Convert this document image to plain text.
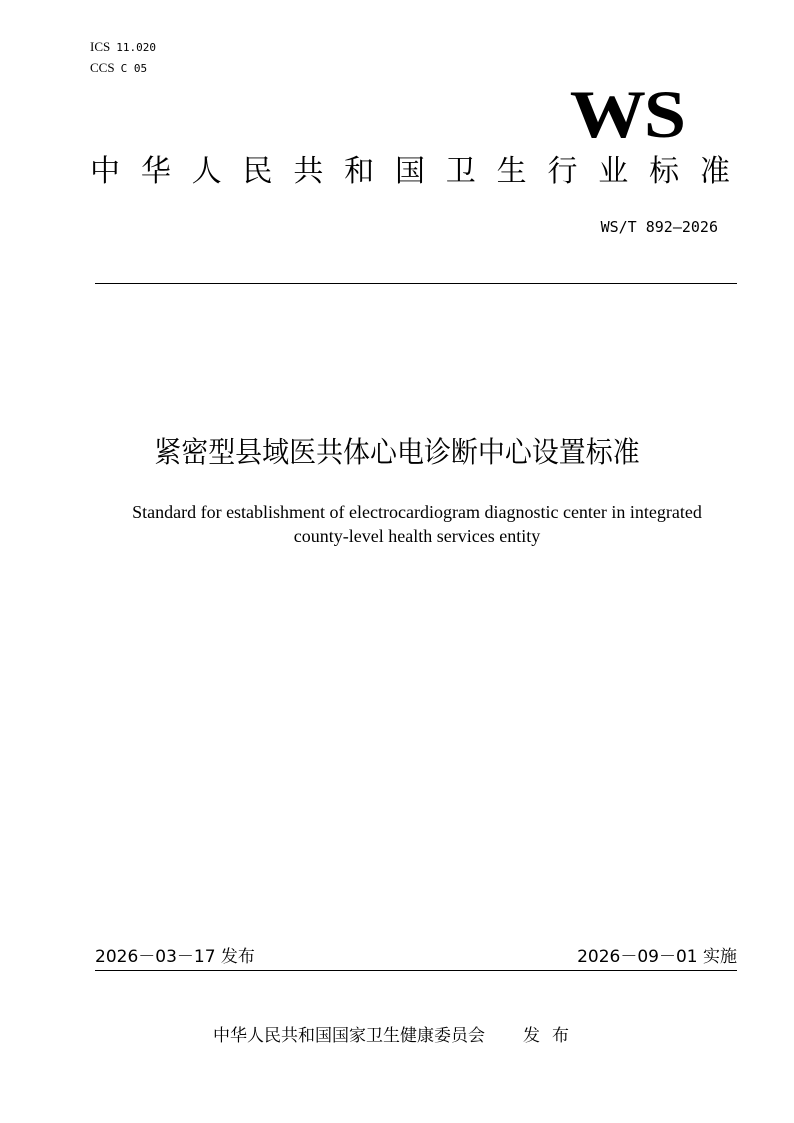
ICS 11.020
CCS C 05
WS
中 华 人 民 共 和 国 卫 生 行 业 标 准
WS/T 892—2026
紧密型县域医共体心电诊断中心设置标准
Standard for establishment of electrocardiogram diagnostic center in integrated
county-level health services entity
2026－03－17 发布	2026－09－01 实施
中华人民共和国国家卫生健康委员会 发布
